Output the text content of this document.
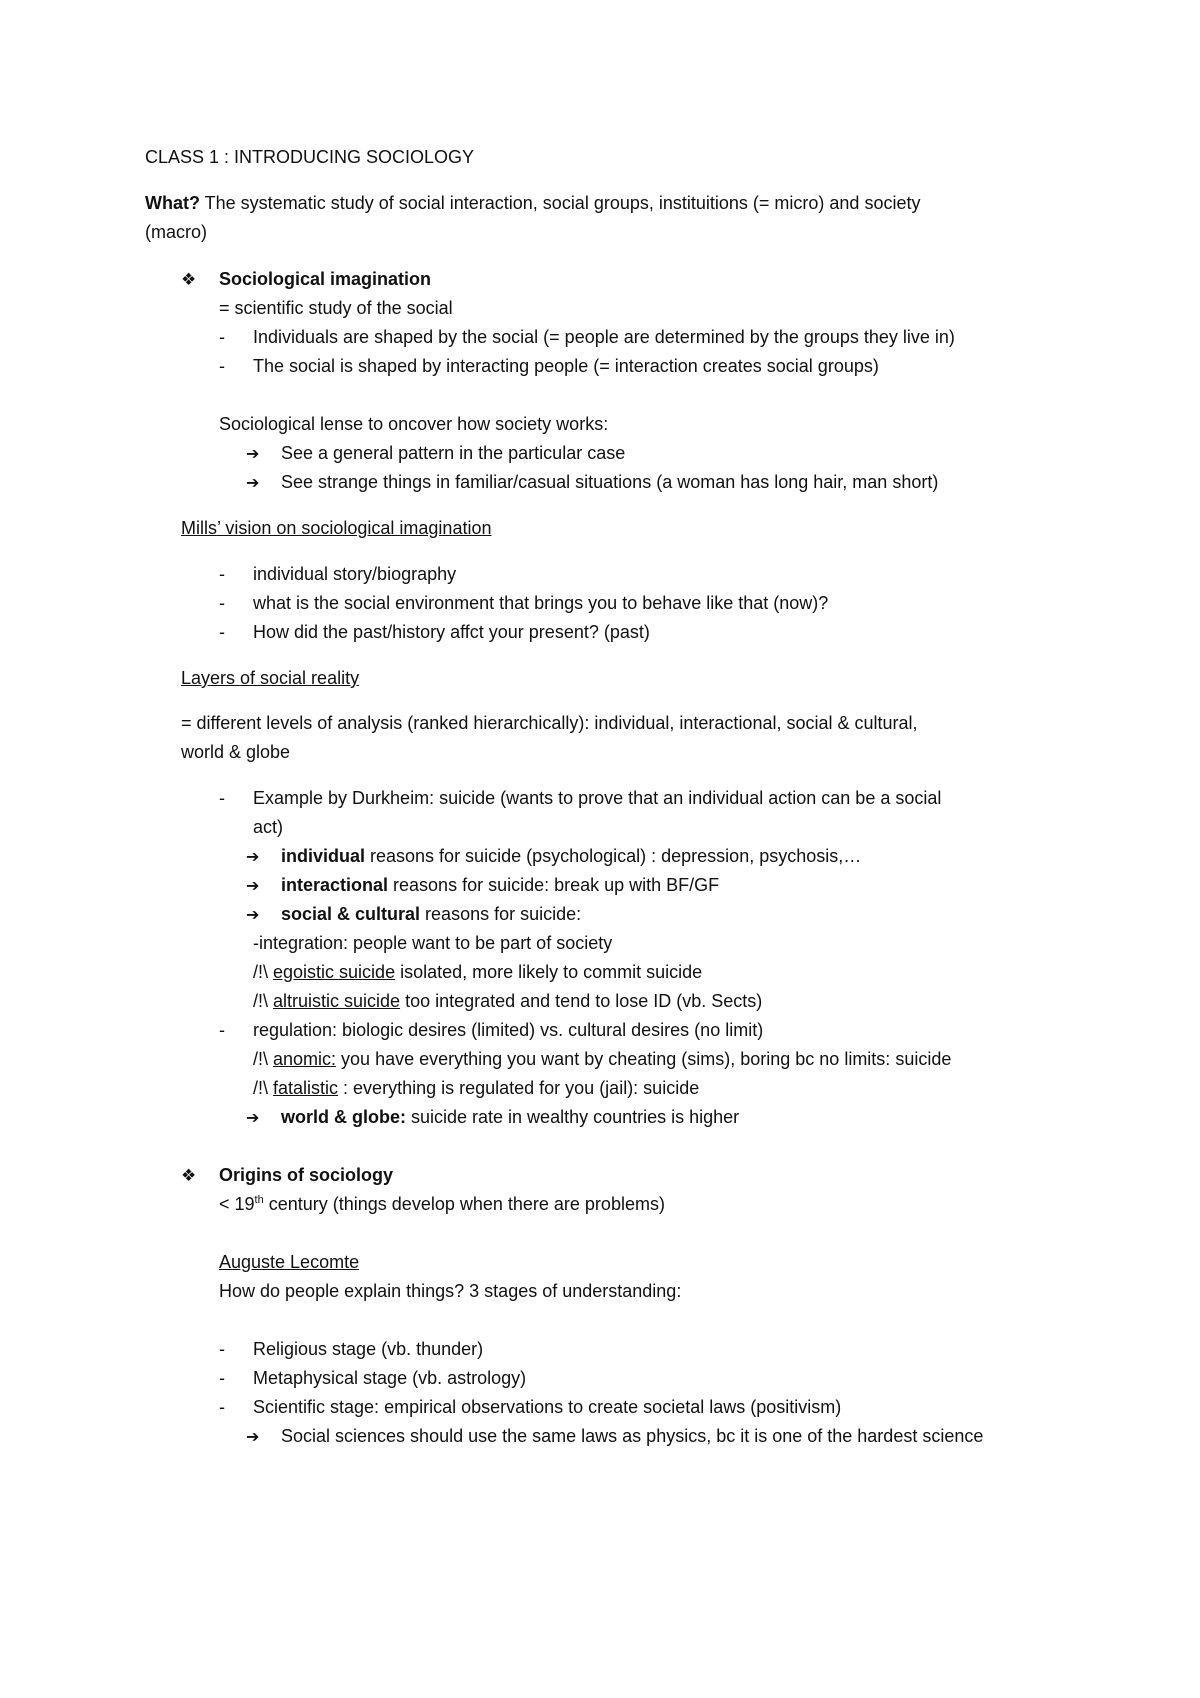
CLASS 1 : INTRODUCING SOCIOLOGY
What? The systematic study of social interaction, social groups, instituitions (= micro) and society
(macro)
❖ Sociological imagination
= scientific study of the social
- Individuals are shaped by the social (= people are determined by the groups they live in)
- The social is shaped by interacting people (= interaction creates social groups)
Sociological lense to oncover how society works:
➔ See a general pattern in the particular case
➔ See strange things in familiar/casual situations (a woman has long hair, man short)
Mills’ vision on sociological imagination
- individual story/biography
- what is the social environment that brings you to behave like that (now)?
- How did the past/history affct your present? (past)
Layers of social reality
= different levels of analysis (ranked hierarchically): individual, interactional, social & cultural,
world & globe
- Example by Durkheim: suicide (wants to prove that an individual action can be a social
act)
➔ individual reasons for suicide (psychological) : depression, psychosis,…
➔ interactional reasons for suicide: break up with BF/GF
➔ social & cultural reasons for suicide:
-integration: people want to be part of society
/!\ egoistic suicide isolated, more likely to commit suicide
/!\ altruistic suicide too integrated and tend to lose ID (vb. Sects)
- regulation: biologic desires (limited) vs. cultural desires (no limit)
/!\ anomic: you have everything you want by cheating (sims), boring bc no limits: suicide
/!\ fatalistic : everything is regulated for you (jail): suicide
➔ world & globe: suicide rate in wealthy countries is higher
❖ Origins of sociology
< 19th century (things develop when there are problems)
Auguste Lecomte
How do people explain things? 3 stages of understanding:
- Religious stage (vb. thunder)
- Metaphysical stage (vb. astrology)
- Scientific stage: empirical observations to create societal laws (positivism)
➔ Social sciences should use the same laws as physics, bc it is one of the hardest science
